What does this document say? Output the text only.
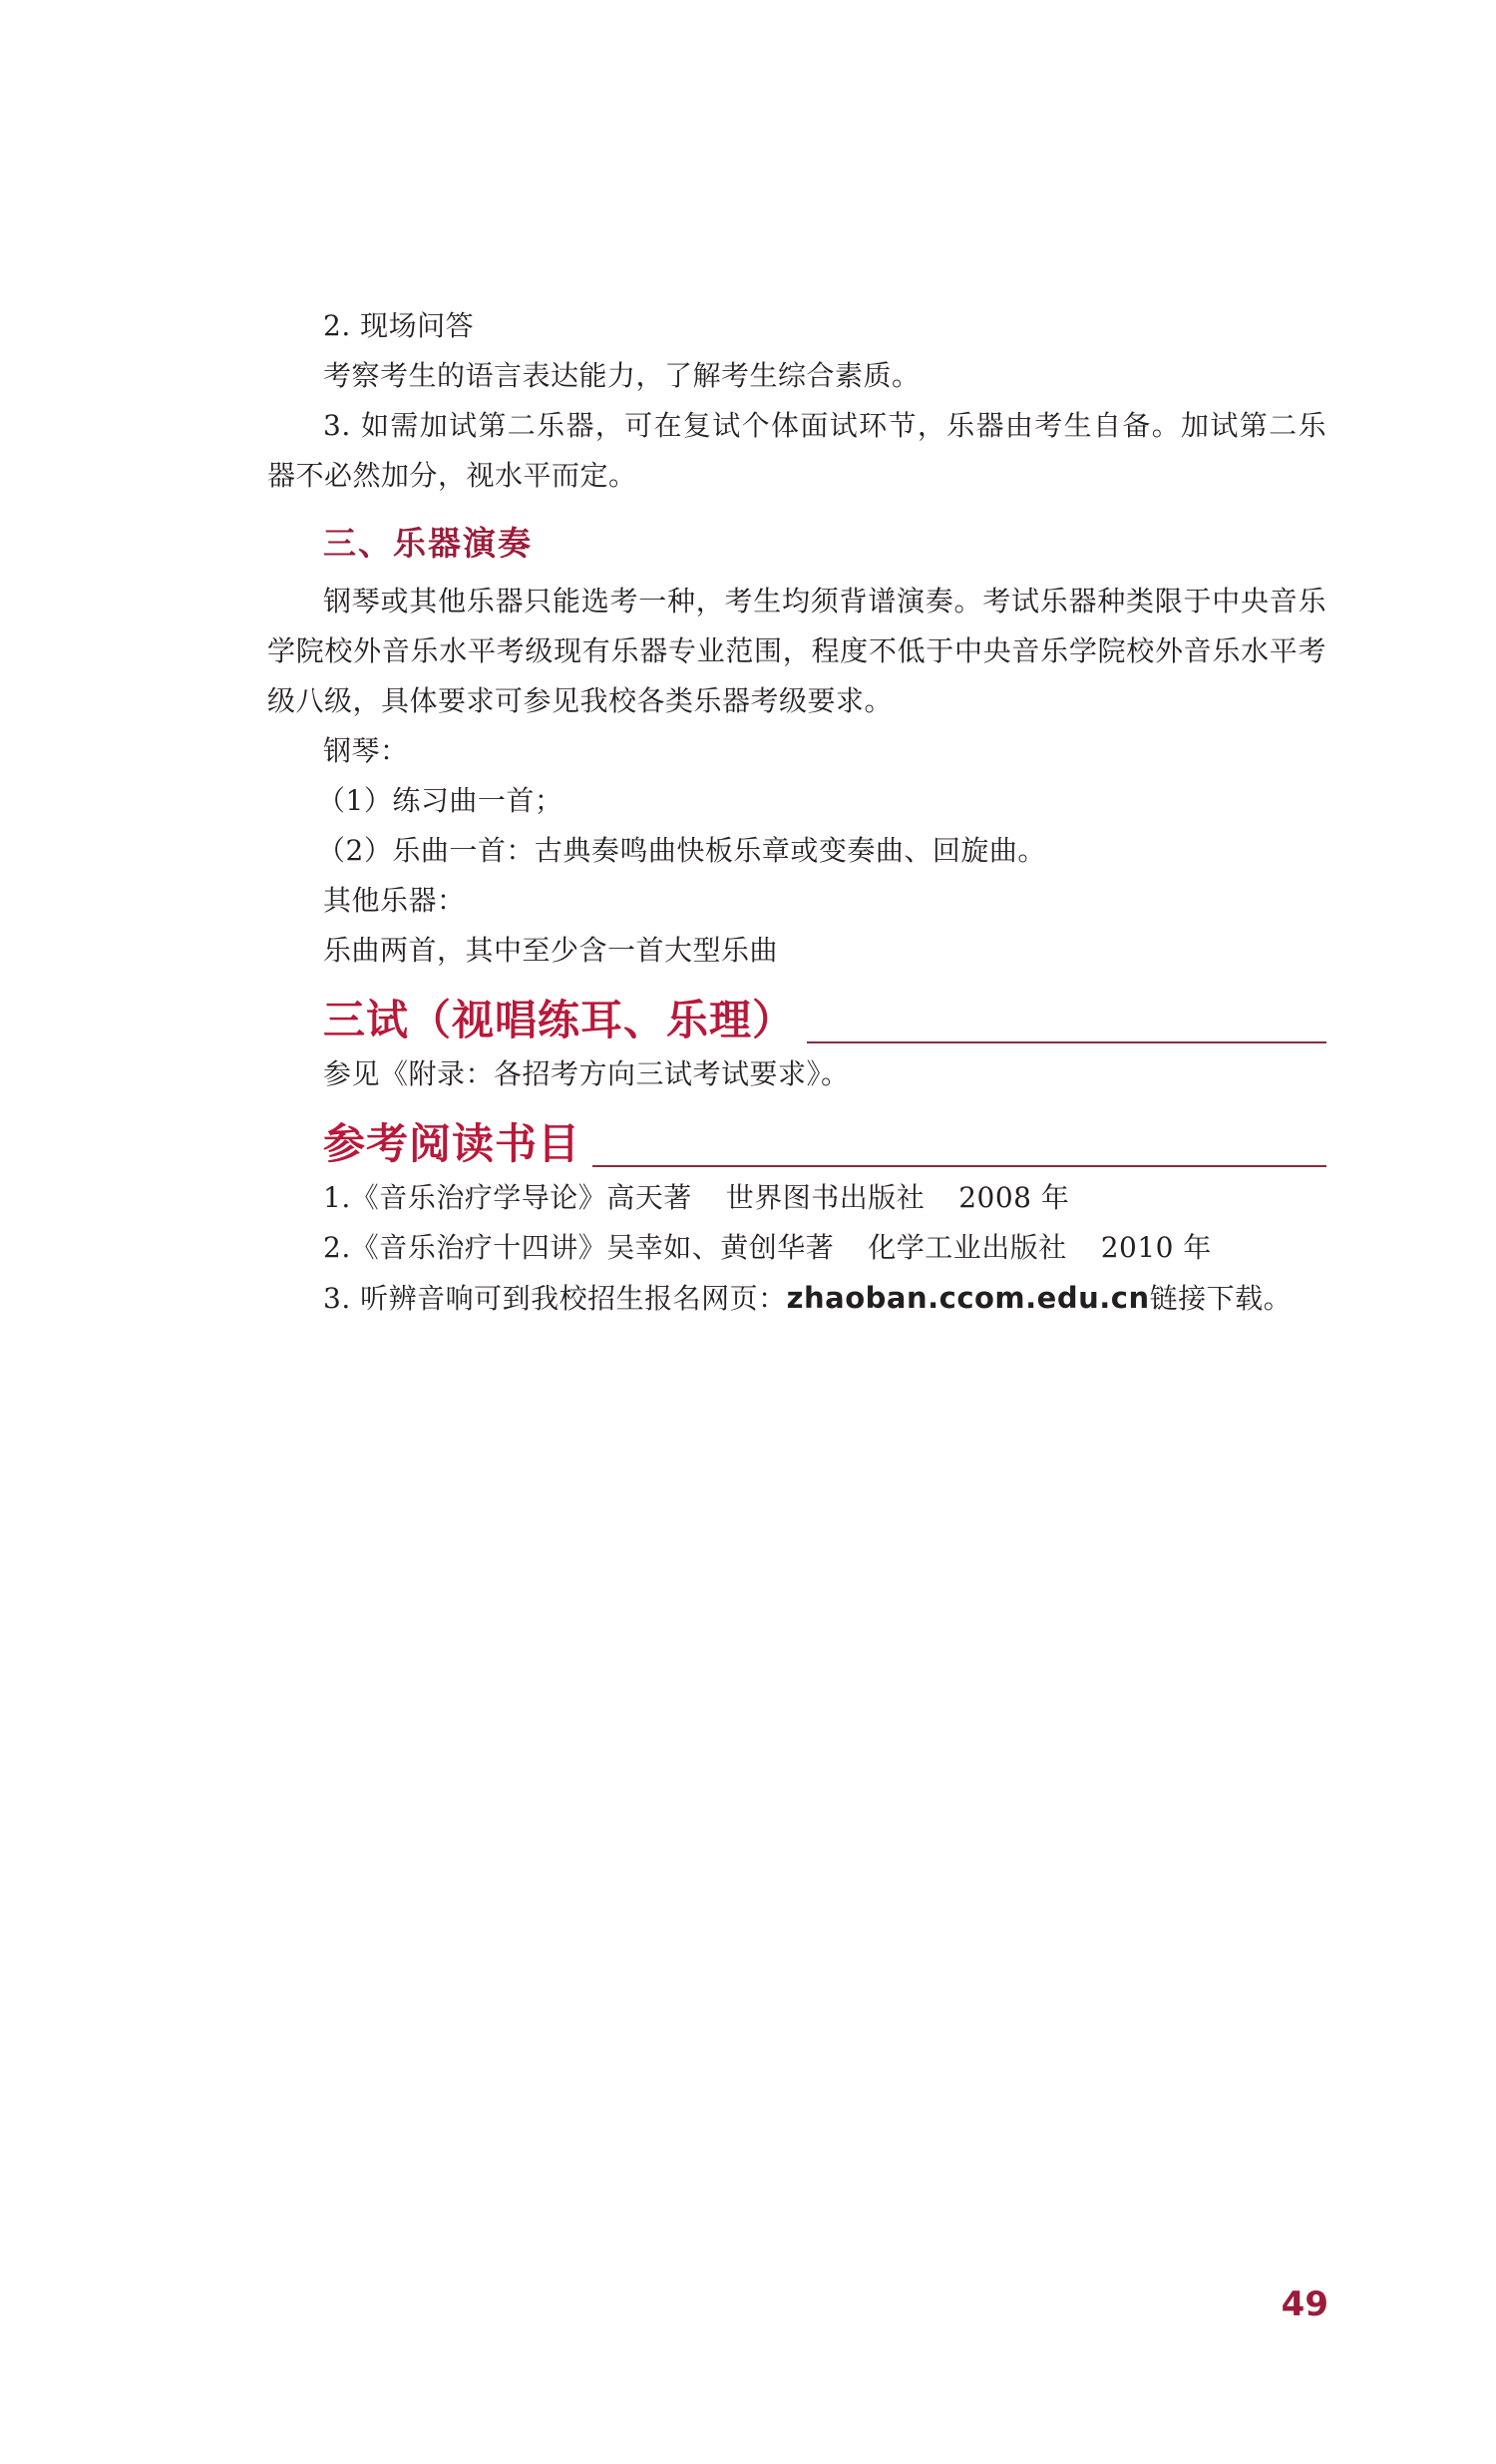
2. 现场问答

考察考生的语言表达能力，了解考生综合素质。

3. 如需加试第二乐器，可在复试个体面试环节，乐器由考生自备。加试第二乐器不必然加分，视水平而定。

三、乐器演奏

钢琴或其他乐器只能选考一种，考生均须背谱演奏。考试乐器种类限于中央音乐学院校外音乐水平考级现有乐器专业范围，程度不低于中央音乐学院校外音乐水平考级八级，具体要求可参见我校各类乐器考级要求。

钢琴：

（1）练习曲一首；

（2）乐曲一首：古典奏鸣曲快板乐章或变奏曲、回旋曲。

其他乐器：

乐曲两首，其中至少含一首大型乐曲

三试（视唱练耳、乐理）

参见《附录：各招考方向三试考试要求》。

参考阅读书目

1.《音乐治疗学导论》高天著 世界图书出版社 2008 年

2.《音乐治疗十四讲》吴幸如、黄创华著 化学工业出版社 2010 年

3. 听辨音响可到我校招生报名网页：zhaoban.ccom.edu.cn链接下载。

49
